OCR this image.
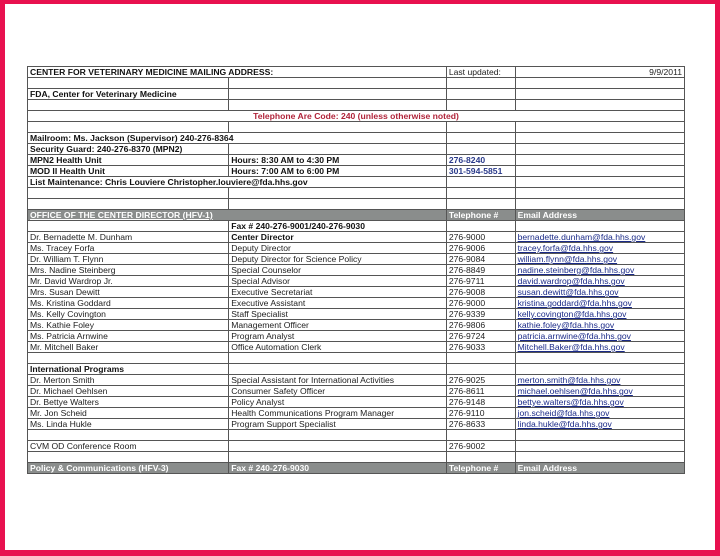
CENTER FOR VETERINARY MEDICINE MAILING ADDRESS:		Last updated:	9/9/2011

FDA, Center for Veterinary Medicine			

Telephone Are Code: 240 (unless otherwise noted)			

Mailroom: Ms. Jackson (Supervisor) 240-276-8364			
Security Guard: 240-276-8370 (MPN2)			
MPN2 Health Unit	Hours: 8:30 AM to 4:30 PM	276-8240	
MOD II Health Unit	Hours: 7:00 AM to 6:00 PM	301-594-5851	
List Maintenance: Chris Louviere Christopher.louviere@fda.hhs.gov			

OFFICE OF THE CENTER DIRECTOR (HFV-1)		Telephone #	Email Address
	Fax # 240-276-9001/240-276-9030		
Dr. Bernadette M. Dunham	Center Director	276-9000	bernadette.dunham@fda.hhs.gov
Ms. Tracey Forfa	Deputy Director	276-9006	tracey.forfa@fda.hhs.gov
Dr. William T. Flynn	Deputy Director for Science Policy	276-9084	william.flynn@fda.hhs.gov
Mrs. Nadine Steinberg	Special Counselor	276-8849	nadine.steinberg@fda.hhs.gov
Mr. David Wardrop Jr.	Special Advisor	276-9711	david.wardrop@fda.hhs.gov
Mrs. Susan Dewitt	Executive Secretariat	276-9008	susan.dewitt@fda.hhs.gov
Ms. Kristina Goddard	Executive Assistant	276-9000	kristina.goddard@fda.hhs.gov
Ms. Kelly Covington	Staff Specialist	276-9339	kelly.covington@fda.hhs.gov
Ms. Kathie Foley	Management Officer	276-9806	kathie.foley@fda.hhs.gov
Ms. Patricia Arnwine	Program Analyst	276-9724	patricia.arnwine@fda.hhs.gov
Mr. Mitchell Baker	Office Automation Clerk	276-9033	Mitchell.Baker@fda.hhs.gov

International Programs			
Dr. Merton Smith	Special Assistant for International Activities	276-9025	merton.smith@fda.hhs.gov
Dr. Michael Oehlsen	Consumer Safety Officer	276-8611	michael.oehlsen@fda.hhs.gov
Dr. Bettye Walters	Policy Analyst	276-9148	bettye.walters@fda.hhs.gov
Mr. Jon Scheid	Health Communications Program Manager	276-9110	jon.scheid@fda.hhs.gov
Ms. Linda Hukle	Program Support Specialist	276-8633	linda.hukle@fda.hhs.gov

CVM OD Conference Room		276-9002	

Policy & Communications (HFV-3)	Fax # 240-276-9030	Telephone #	Email Address
